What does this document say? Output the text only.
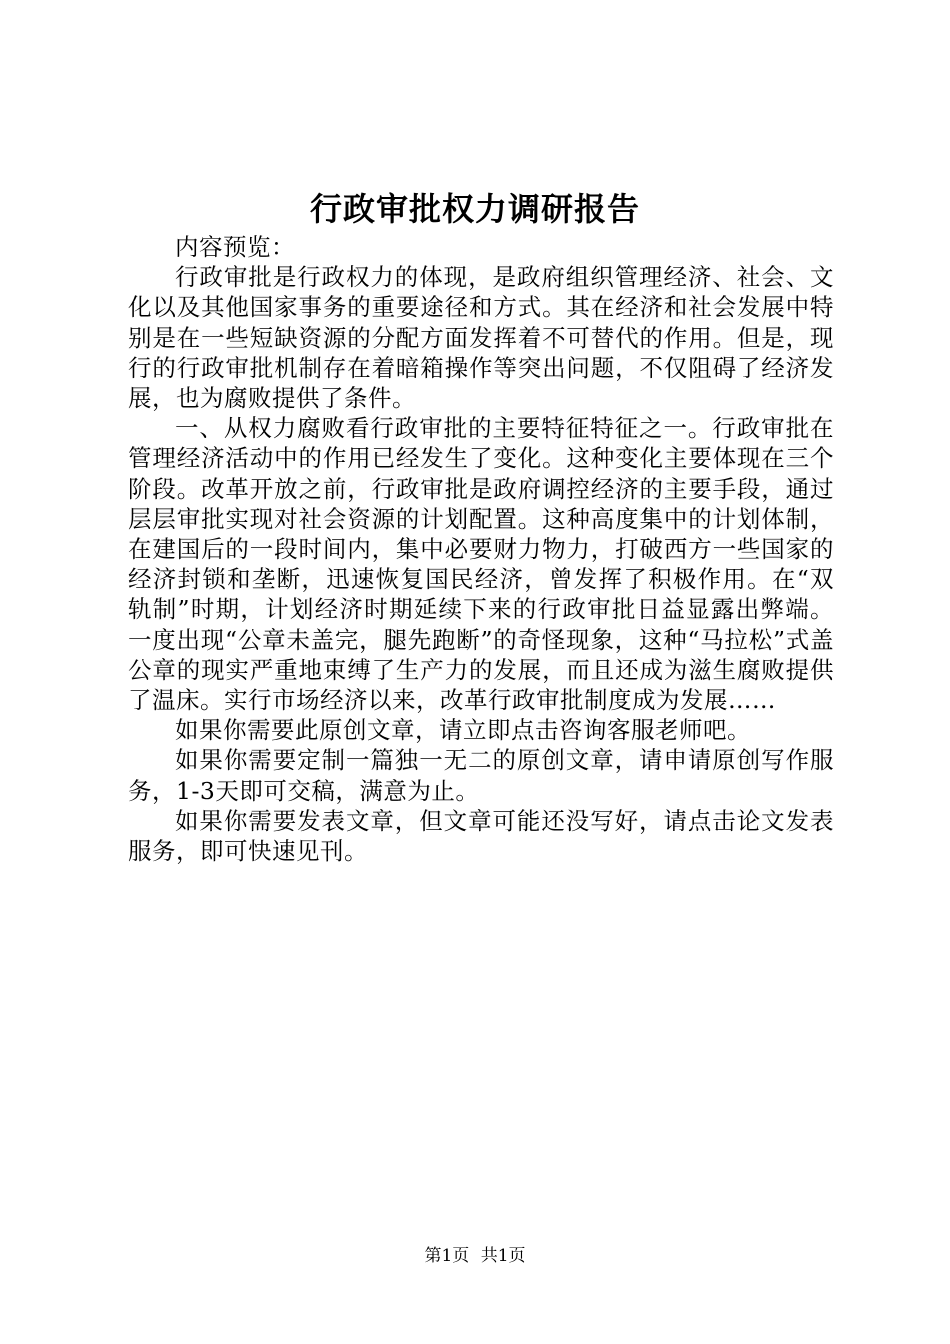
行政审批权力调研报告

内容预览：

行政审批是行政权力的体现，是政府组织管理经济、社会、文化以及其他国家事务的重要途径和方式。其在经济和社会发展中特别是在一些短缺资源的分配方面发挥着不可替代的作用。但是，现行的行政审批机制存在着暗箱操作等突出问题，不仅阻碍了经济发展，也为腐败提供了条件。

一、从权力腐败看行政审批的主要特征特征之一。行政审批在管理经济活动中的作用已经发生了变化。这种变化主要体现在三个阶段。改革开放之前，行政审批是政府调控经济的主要手段，通过层层审批实现对社会资源的计划配置。这种高度集中的计划体制，在建国后的一段时间内，集中必要财力物力，打破西方一些国家的经济封锁和垄断，迅速恢复国民经济，曾发挥了积极作用。在“双轨制”时期，计划经济时期延续下来的行政审批日益显露出弊端。一度出现“公章未盖完，腿先跑断”的奇怪现象，这种“马拉松”式盖公章的现实严重地束缚了生产力的发展，而且还成为滋生腐败提供了温床。实行市场经济以来，改革行政审批制度成为发展……

如果你需要此原创文章，请立即点击咨询客服老师吧。

如果你需要定制一篇独一无二的原创文章，请申请原创写作服务，1-3天即可交稿，满意为止。

如果你需要发表文章，但文章可能还没写好，请点击论文发表服务，即可快速见刊。

第1页 共1页
